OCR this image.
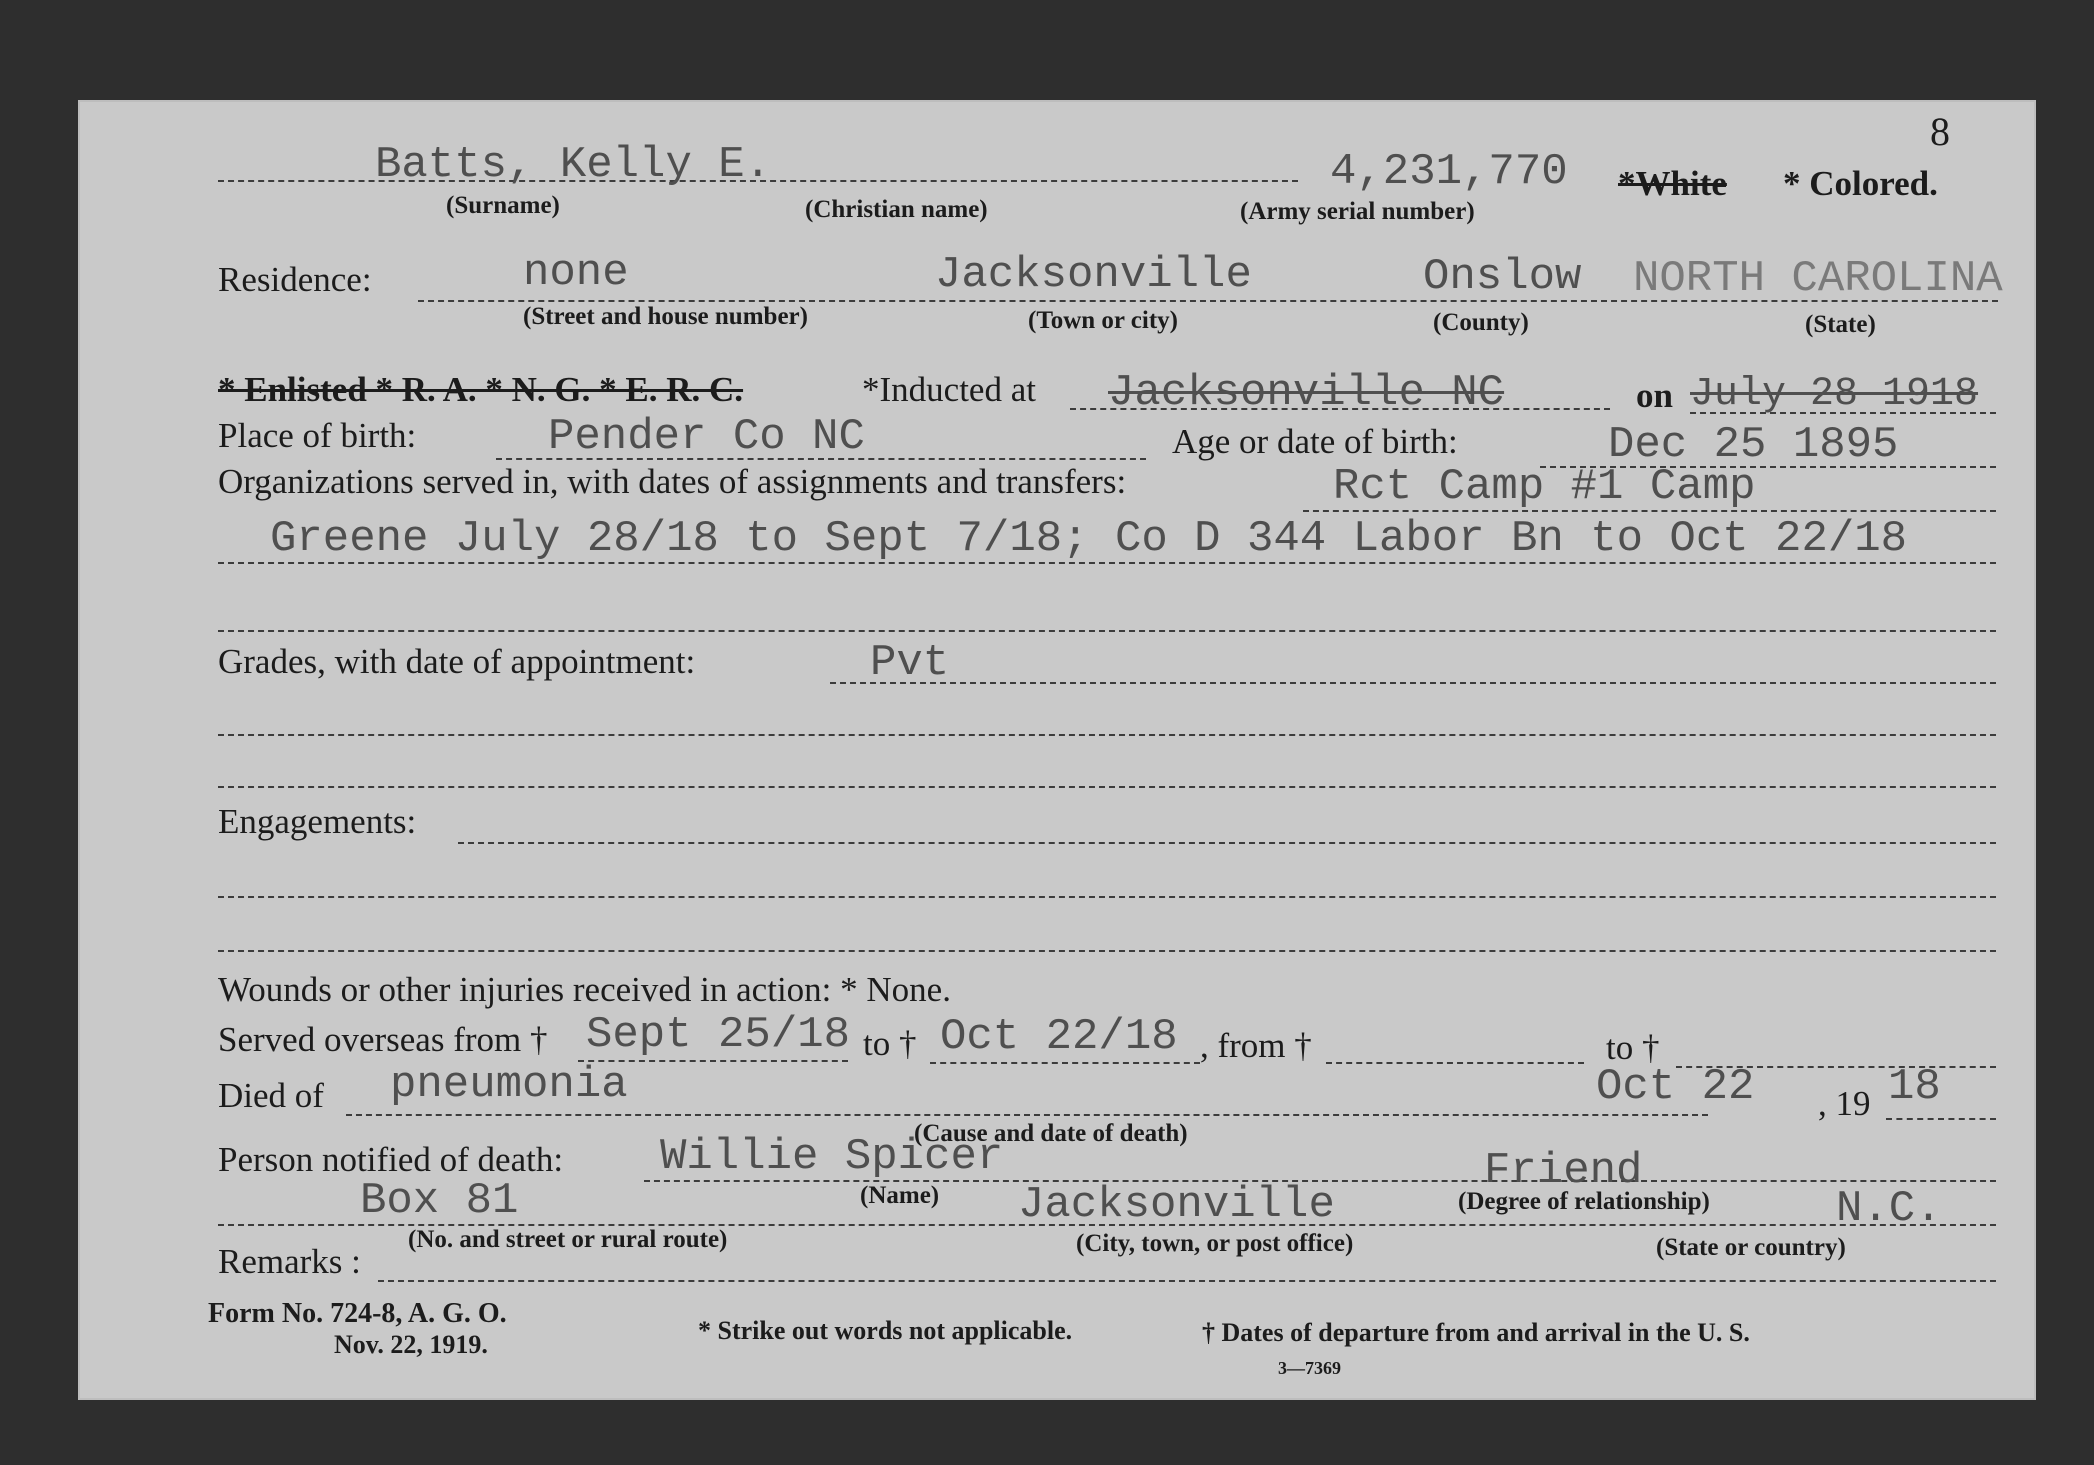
8
Batts, Kelly E.	4,231,770 *White * Colored.
(Surname)	(Christian name)	(Army serial number)
Residence:	none	Jacksonville	Onslow NORTH CAROLINA
(Street and house number)	(Town or city)	(County)	(State)
* Enlisted * R. A. * N. G. * E. R. C.	*Inducted at Jacksonville NC	on July 28 1918
Place of birth:	Pender Co NC	Age or date of birth:	Dec 25 1895
Organizations served in, with dates of assignments and transfers:	Rct Camp #1 Camp
Greene July 28/18 to Sept 7/18; Co D 344 Labor Bn to Oct 22/18
Grades, with date of appointment:	Pvt
Engagements:
Wounds or other injuries received in action: * None.
Served overseas from † Sept 25/18 to † Oct 22/18 , from †	to †
Died of pneumonia	Oct 22 , 19 18
(Cause and date of death)
Person notified of death: Willie Spicer	Friend
(Name)	(Degree of relationship)
Box 81	Jacksonville	N.C.
(No. and street or rural route)	(City, town, or post office)	(State or country)
Remarks :
Form No. 724-8, A. G. O.
Nov. 22, 1919.	* Strike out words not applicable.	† Dates of departure from and arrival in the U. S.
3—7369
